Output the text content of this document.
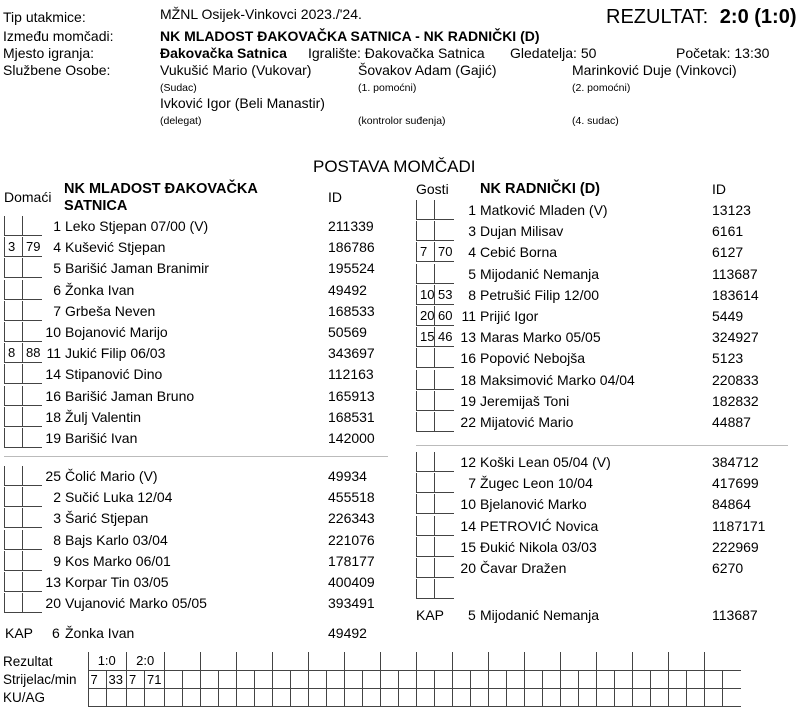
Tip utakmice:	MŽNL Osijek-Vinkovci 2023./'24.	REZULTAT: 2:0 (1:0)
Između momčadi:	NK MLADOST ĐAKOVAČKA SATNICA - NK RADNIČKI (D)
Mjesto igranja:	Đakovačka Satnica Igralište: Đakovačka Satnica Gledatelja: 50	Početak: 13:30
Službene Osobe:	Vukušić Mario (Vukovar)
(Sudac)
Šovakov Adam (Gajić)
(1. pomoćni)
Marinković Duje (Vinkovci)
(2. pomoćni)
Ivković Igor (Beli Manastir)
(delegat)	(kontrolor suđenja)	(4. sudac)
POSTAVA MOMČADI
Domaći NK MLADOST ĐAKOVAČKA
SATNICA
ID	Gosti NK RADNIČKI (D)	ID
1 Leko Stjepan 07/00 (V)	211339
3 79 4 Kušević Stjepan	186786
5 Barišić Jaman Branimir	195524
6 Žonka Ivan	49492
7 Grbeša Neven	168533
10 Bojanović Marijo	50569
8 88 11 Jukić Filip 06/03	343697
14 Stipanović Dino	112163
16 Barišić Jaman Bruno	165913
18 Žulj Valentin	168531
19 Barišić Ivan	142000
25 Čolić Mario (V)	49934
2 Sučić Luka 12/04	455518
3 Šarić Stjepan	226343
8 Bajs Karlo 03/04	221076
9 Kos Marko 06/01	178177
13 Korpar Tin 03/05	400409
20 Vujanović Marko 05/05	393491
1 Matković Mladen (V)	13123
3 Dujan Milisav	6161
7 70	4 Cebić Borna	6127
5 Mijodanić Nemanja	113687
10 53	8 Petrušić Filip 12/00	183614
20 60 11 Prijić Igor	5449
15 46 13 Maras Marko 05/05	324927
16 Popović Nebojša	5123
18 Maksimović Marko 04/04	220833
19 Jeremijaš Toni	182832
22 Mijatović Mario	44887
12 Koški Lean 05/04 (V)	384712
7 Žugec Leon 10/04	417699
10 Bjelanović Marko	84864
14 PETROVIĆ Novica	1187171
15 Đukić Nikola 03/03	222969
20 Čavar Dražen	6270
KAP 6 Žonka Ivan	49492
KAP 5 Mijodanić Nemanja	113687
Rezultat	1:0		2:0																																	
Strijelac/min	7	33	7	71																																
KU/AG																																				
